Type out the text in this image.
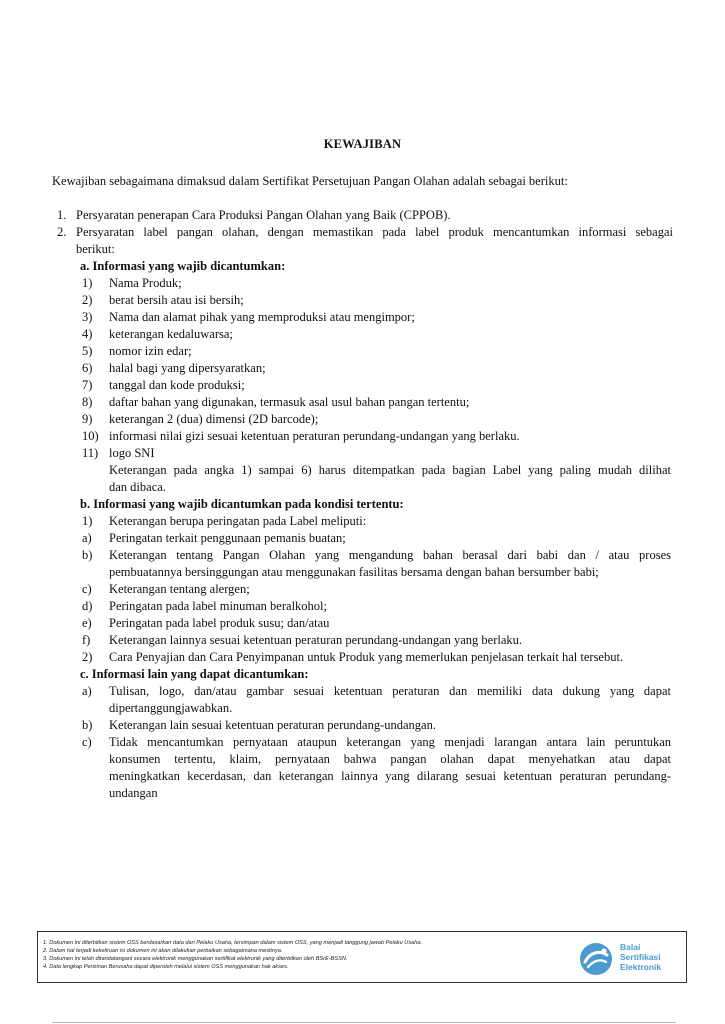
KEWAJIBAN
Kewajiban sebagaimana dimaksud dalam Sertifikat Persetujuan Pangan Olahan adalah sebagai berikut:
1. Persyaratan penerapan Cara Produksi Pangan Olahan yang Baik (CPPOB).
2. Persyaratan label pangan olahan, dengan memastikan pada label produk mencantumkan informasi sebagai
berikut:
a. Informasi yang wajib dicantumkan:
1) Nama Produk;
2) berat bersih atau isi bersih;
3) Nama dan alamat pihak yang memproduksi atau mengimpor;
4) keterangan kedaluwarsa;
5) nomor izin edar;
6) halal bagi yang dipersyaratkan;
7) tanggal dan kode produksi;
8) daftar bahan yang digunakan, termasuk asal usul bahan pangan tertentu;
9) keterangan 2 (dua) dimensi (2D barcode);
10) informasi nilai gizi sesuai ketentuan peraturan perundang-undangan yang berlaku.
11) logo SNI
Keterangan pada angka 1) sampai 6) harus ditempatkan pada bagian Label yang paling mudah dilihat
dan dibaca.
b. Informasi yang wajib dicantumkan pada kondisi tertentu:
1) Keterangan berupa peringatan pada Label meliputi:
a) Peringatan terkait penggunaan pemanis buatan;
b) Keterangan tentang Pangan Olahan yang mengandung bahan berasal dari babi dan / atau proses
pembuatannya bersinggungan atau menggunakan fasilitas bersama dengan bahan bersumber babi;
c) Keterangan tentang alergen;
d) Peringatan pada label minuman beralkohol;
e) Peringatan pada label produk susu; dan/atau
f) Keterangan lainnya sesuai ketentuan peraturan perundang-undangan yang berlaku.
2) Cara Penyajian dan Cara Penyimpanan untuk Produk yang memerlukan penjelasan terkait hal tersebut.
c. Informasi lain yang dapat dicantumkan:
a) Tulisan, logo, dan/atau gambar sesuai ketentuan peraturan dan memiliki data dukung yang dapat
dipertanggungjawabkan.
b) Keterangan lain sesuai ketentuan peraturan perundang-undangan.
c) Tidak mencantumkan pernyataan ataupun keterangan yang menjadi larangan antara lain peruntukan
konsumen tertentu, klaim, pernyataan bahwa pangan olahan dapat menyehatkan atau dapat
meningkatkan kecerdasan, dan keterangan lainnya yang dilarang sesuai ketentuan peraturan perundang-
undangan
1. Dokumen ini diterbitkan sistem OSS berdasarkan data dari Pelaku Usaha, tersimpan dalam sistem OSS, yang menjadi tanggung jawab Pelaku Usaha.
2. Dalam hal terjadi kekeliruan isi dokumen ini akan dilakukan perbaikan sebagaimana mestinya.
3. Dokumen ini telah ditandatangani secara elektronik menggunakan sertifikat elektronik yang diterbitkan oleh BSrE-BSSN.
4. Data lengkap Perizinan Berusaha dapat diperoleh melalui sistem OSS menggunakan hak akses.
Balai
Sertifikasi
Elektronik
